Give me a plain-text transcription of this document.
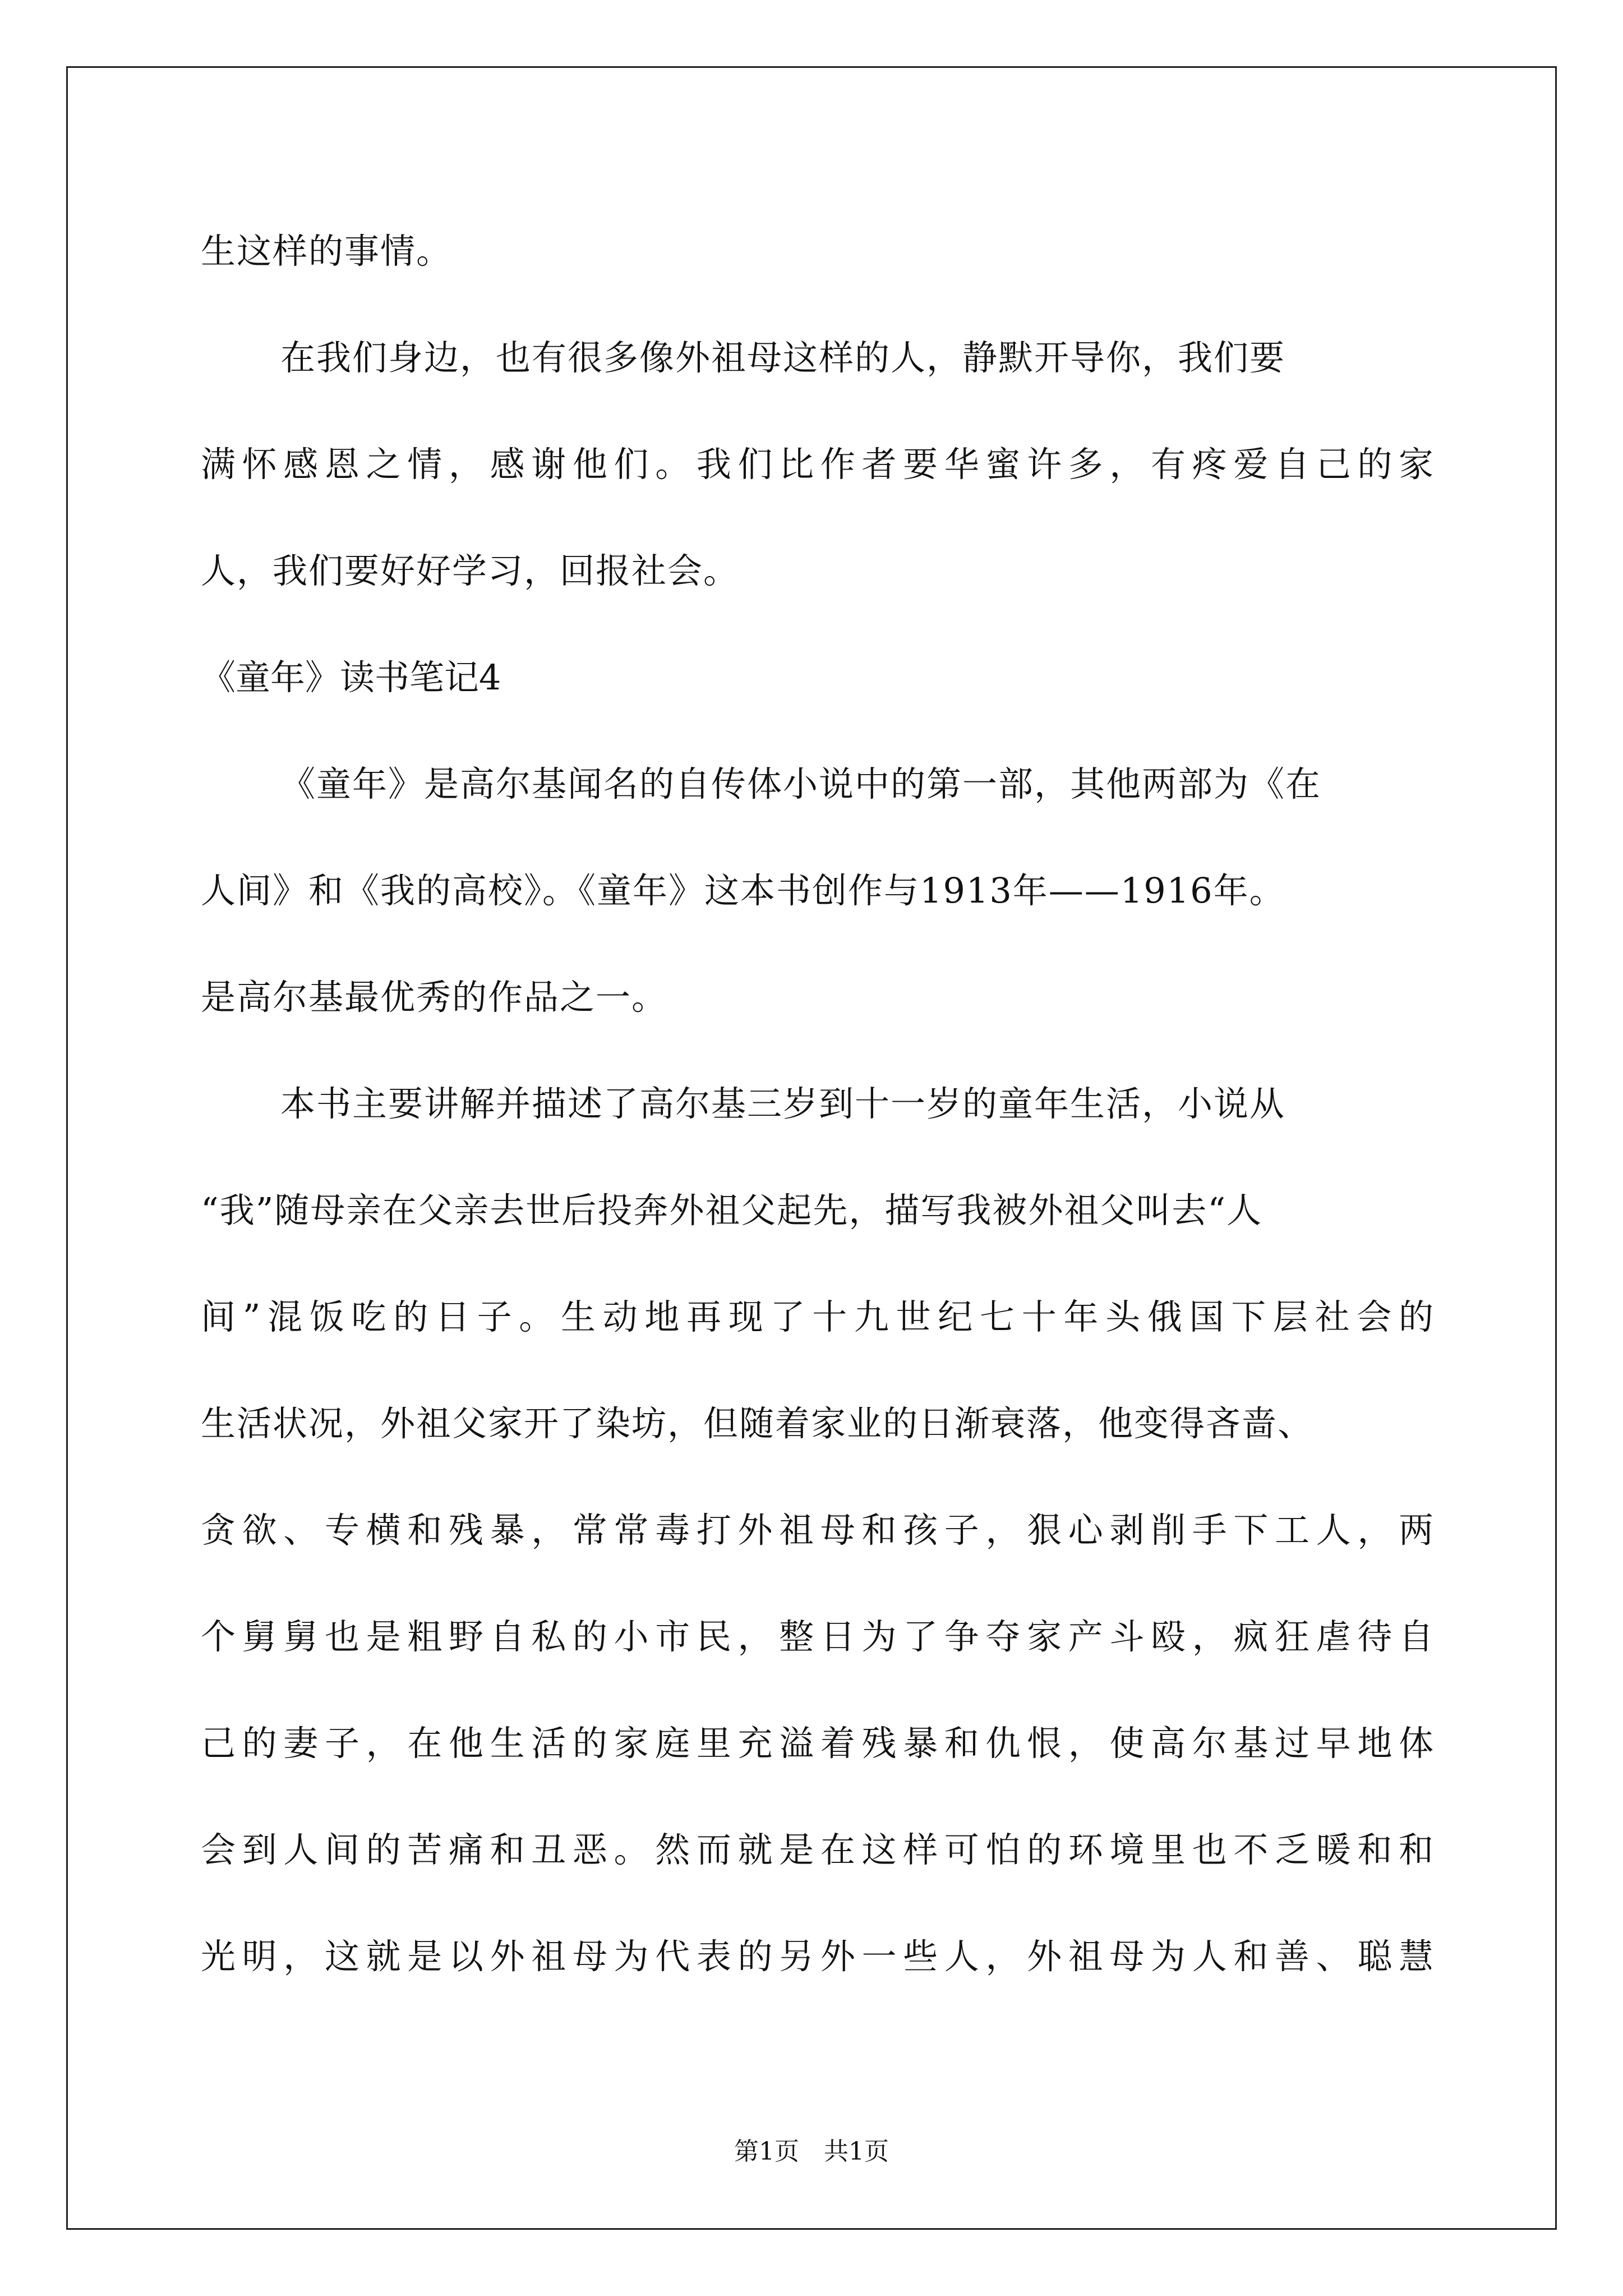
生这样的事情。
在我们身边，也有很多像外祖母这样的人，静默开导你，我们要
满怀感恩之情，感谢他们。我们比作者要华蜜许多，有疼爱自己的家
人，我们要好好学习，回报社会。
《童年》读书笔记4
《童年》是高尔基闻名的自传体小说中的第一部，其他两部为《在
人间》和《我的高校》。《童年》这本书创作与1913年——1916年。
是高尔基最优秀的作品之一。
本书主要讲解并描述了高尔基三岁到十一岁的童年生活，小说从
“我”随母亲在父亲去世后投奔外祖父起先，描写我被外祖父叫去“人
间”混饭吃的日子。生动地再现了十九世纪七十年头俄国下层社会的
生活状况，外祖父家开了染坊，但随着家业的日渐衰落，他变得吝啬、
贪欲、专横和残暴，常常毒打外祖母和孩子，狠心剥削手下工人，两
个舅舅也是粗野自私的小市民，整日为了争夺家产斗殴，疯狂虐待自
己的妻子，在他生活的家庭里充溢着残暴和仇恨，使高尔基过早地体
会到人间的苦痛和丑恶。然而就是在这样可怕的环境里也不乏暖和和
光明，这就是以外祖母为代表的另外一些人，外祖母为人和善、聪慧
第1页　共1页
